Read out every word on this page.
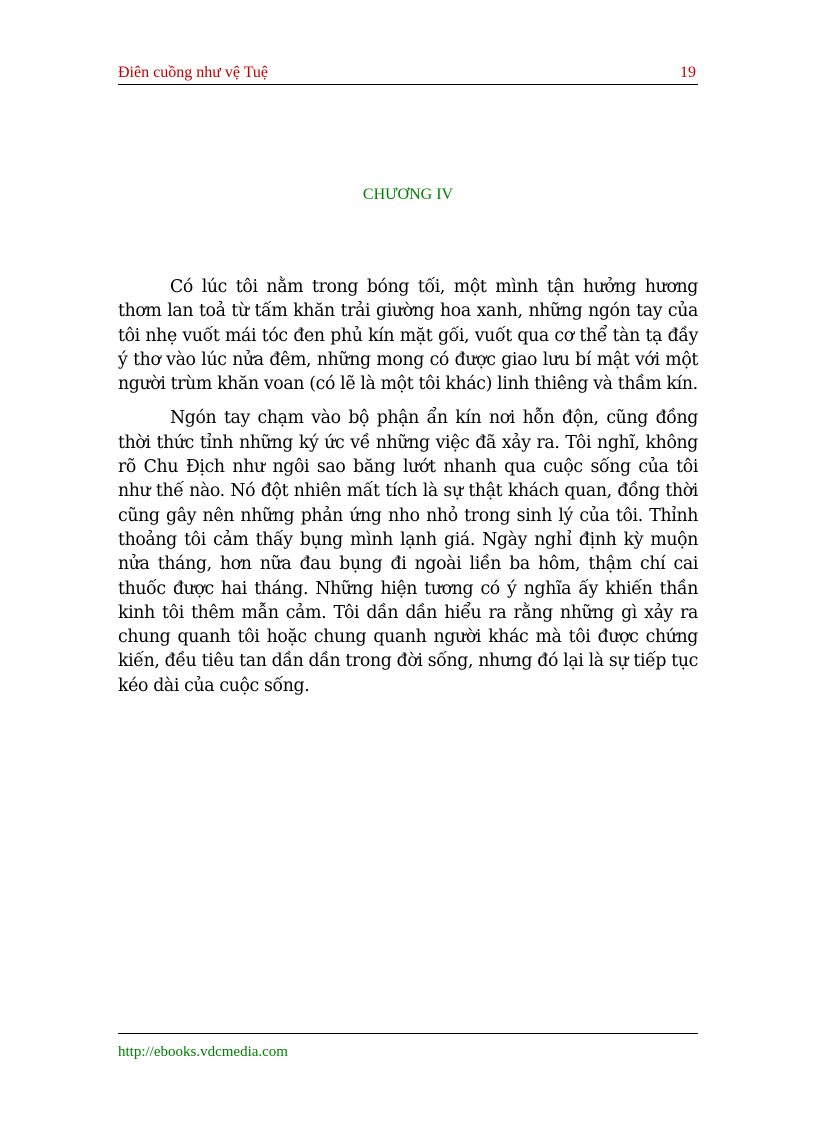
Điên cuồng như vệ Tuệ	19
CHƯƠNG IV

Có lúc tôi nằm trong bóng tối, một mình tận hưởng hương thơm lan toả từ tấm khăn trải giường hoa xanh, những ngón tay của tôi nhẹ vuốt mái tóc đen phủ kín mặt gối, vuốt qua cơ thể tàn tạ đầy ý thơ vào lúc nửa đêm, những mong có được giao lưu bí mật với một người trùm khăn voan (có lẽ là một tôi khác) linh thiêng và thầm kín.

Ngón tay chạm vào bộ phận ẩn kín nơi hỗn độn, cũng đồng thời thức tỉnh những ký ức về những việc đã xảy ra. Tôi nghĩ, không rõ Chu Địch như ngôi sao băng lướt nhanh qua cuộc sống của tôi như thế nào. Nó đột nhiên mất tích là sự thật khách quan, đồng thời cũng gây nên những phản ứng nho nhỏ trong sinh lý của tôi. Thỉnh thoảng tôi cảm thấy bụng mình lạnh giá. Ngày nghỉ định kỳ muộn nửa tháng, hơn nữa đau bụng đi ngoài liền ba hôm, thậm chí cai thuốc được hai tháng. Những hiện tương có ý nghĩa ấy khiến thần kinh tôi thêm mẫn cảm. Tôi dần dần hiểu ra rằng những gì xảy ra chung quanh tôi hoặc chung quanh người khác mà tôi được chứng kiến, đều tiêu tan dần dần trong đời sống, nhưng đó lại là sự tiếp tục kéo dài của cuộc sống.

http://ebooks.vdcmedia.com
